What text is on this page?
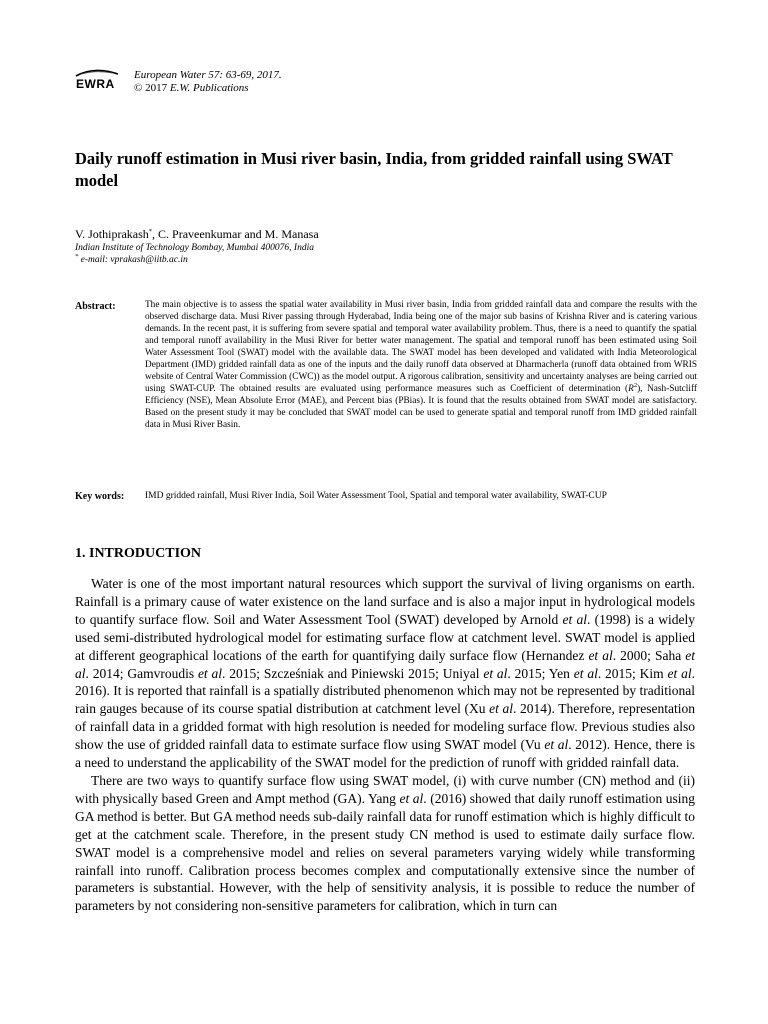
EWRA
European Water 57: 63-69, 2017.
© 2017 E.W. Publications
Daily runoff estimation in Musi river basin, India, from gridded rainfall using SWAT model
V. Jothiprakash*, C. Praveenkumar and M. Manasa
Indian Institute of Technology Bombay, Mumbai 400076, India
* e-mail: vprakash@iitb.ac.in
Abstract:	The main objective is to assess the spatial water availability in Musi river basin, India from gridded rainfall data and compare the results with the observed discharge data. Musi River passing through Hyderabad, India being one of the major sub basins of Krishna River and is catering various demands. In the recent past, it is suffering from severe spatial and temporal water availability problem. Thus, there is a need to quantify the spatial and temporal runoff availability in the Musi River for better water management. The spatial and temporal runoff has been estimated using Soil Water Assessment Tool (SWAT) model with the available data. The SWAT model has been developed and validated with India Meteorological Department (IMD) gridded rainfall data as one of the inputs and the daily runoff data observed at Dharmacherla (runoff data obtained from WRIS website of Central Water Commission (CWC)) as the model output. A rigorous calibration, sensitivity and uncertainty analyses are being carried out using SWAT-CUP. The obtained results are evaluated using performance measures such as Coefficient of determination $(R^2)$, Nash-Sutcliff Efficiency (NSE), Mean Absolute Error (MAE), and Percent bias (PBias). It is found that the results obtained from SWAT model are satisfactory. Based on the present study it may be concluded that SWAT model can be used to generate spatial and temporal runoff from IMD gridded rainfall data in Musi River Basin.
Key words: IMD gridded rainfall, Musi River India, Soil Water Assessment Tool, Spatial and temporal water availability, SWAT-CUP
1. INTRODUCTION

Water is one of the most important natural resources which support the survival of living organisms on earth. Rainfall is a primary cause of water existence on the land surface and is also a major input in hydrological models to quantify surface flow. Soil and Water Assessment Tool (SWAT) developed by Arnold et al. (1998) is a widely used semi-distributed hydrological model for estimating surface flow at catchment level. SWAT model is applied at different geographical locations of the earth for quantifying daily surface flow (Hernandez et al. 2000; Saha et al. 2014; Gamvroudis et al. 2015; Szcześniak and Piniewski 2015; Uniyal et al. 2015; Yen et al. 2015; Kim et al. 2016). It is reported that rainfall is a spatially distributed phenomenon which may not be represented by traditional rain gauges because of its course spatial distribution at catchment level (Xu et al. 2014). Therefore, representation of rainfall data in a gridded format with high resolution is needed for modeling surface flow. Previous studies also show the use of gridded rainfall data to estimate surface flow using SWAT model (Vu et al. 2012). Hence, there is a need to understand the applicability of the SWAT model for the prediction of runoff with gridded rainfall data.

There are two ways to quantify surface flow using SWAT model, (i) with curve number (CN) method and (ii) with physically based Green and Ampt method (GA). Yang et al. (2016) showed that daily runoff estimation using GA method is better. But GA method needs sub-daily rainfall data for runoff estimation which is highly difficult to get at the catchment scale. Therefore, in the present study CN method is used to estimate daily surface flow. SWAT model is a comprehensive model and relies on several parameters varying widely while transforming rainfall into runoff. Calibration process becomes complex and computationally extensive since the number of parameters is substantial. However, with the help of sensitivity analysis, it is possible to reduce the number of parameters by not considering non-sensitive parameters for calibration, which in turn can
